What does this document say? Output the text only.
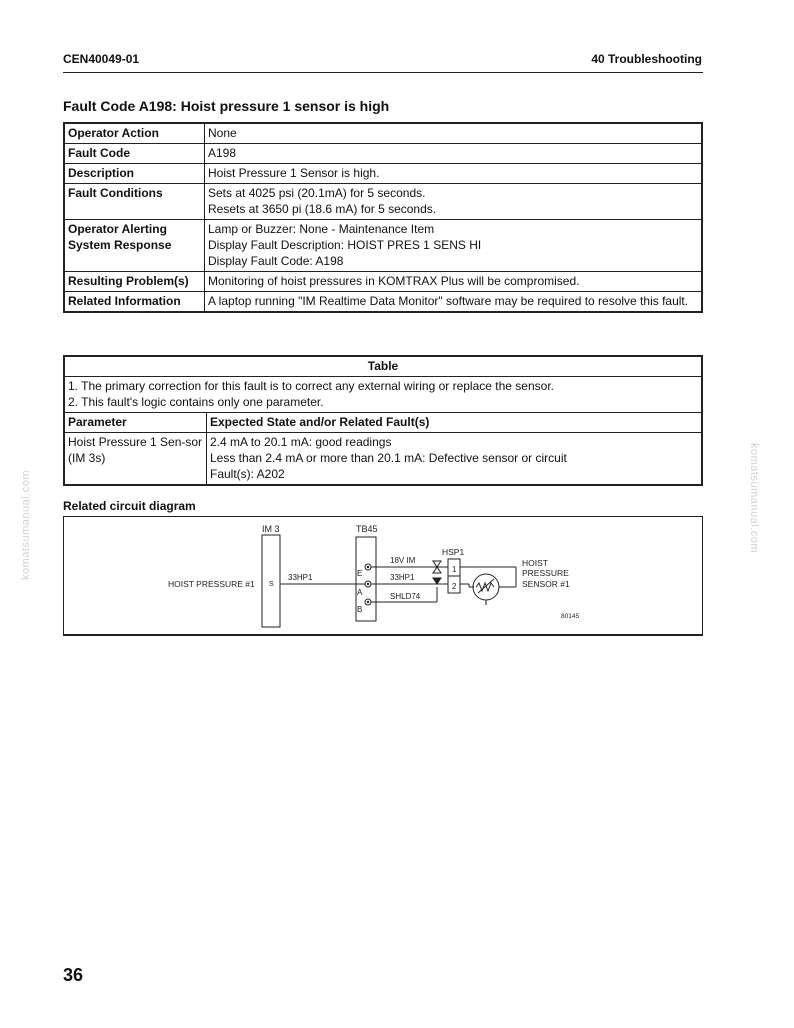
CEN40049-01	40 Troubleshooting
Fault Code A198: Hoist pressure 1 sensor is high
Operator Action	None

Fault Code	A198

Description	Hoist Pressure 1 Sensor is high.

Fault Conditions	Sets at 4025 psi (20.1mA) for 5 seconds.
Resets at 3650 pi (18.6 mA) for 5 seconds.

Operator Alerting System Response	Lamp or Buzzer: None - Maintenance Item
Display Fault Description: HOIST PRES 1 SENS HI
Display Fault Code: A198

Resulting Problem(s)	Monitoring of hoist pressures in KOMTRAX Plus will be compromised.

Related Information	A laptop running "IM Realtime Data Monitor" software may be required to resolve this fault.
Table	

1. The primary correction for this fault is to correct any external wiring or replace the sensor.
2. This fault's logic contains only one parameter.	

Parameter	Expected State and/or Related Fault(s)
Hoist Pressure 1 Sen-sor (IM 3s)	2.4 mA to 20.1 mA: good readings
Less than 2.4 mA or more than 20.1 mA: Defective sensor or circuit
Fault(s): A202
Related circuit diagram
IM 3
HOIST PRESSURE #1 S
TB45
E
A
B
33HP1
18V IM
33HP1
SHLD74
HSP1
1
2
HOIST
PRESSURE
SENSOR #1
80145
komatsumanual.com	komatsumanual.com
36
